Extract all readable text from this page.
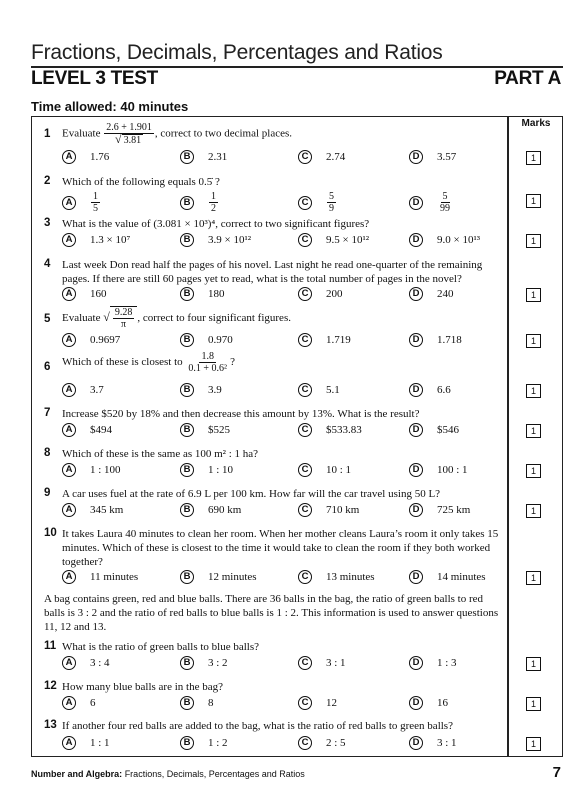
Fractions, Decimals, Percentages and Ratios
LEVEL 3 TEST	PART A
Time allowed: 40 minutes
Marks
1 Evaluate $\frac{2.6 + 1.901}{√ 3.81}$ , correct to two decimal places.
A	1.76	B	2.31	C	2.74	D	3.57	1
2 Which of the following equals 0.5̇ ?
A	$\frac{1}{5}$	B	$\frac{1}{2}$	C	$\frac{5}{9}$	D	$\frac{5}{99}$	1
3 What is the value of (3.081 × 10³)⁴, correct to two significant figures?
A	1.3 × 10⁷	B	3.9 × 10¹²	C	9.5 × 10¹²	D	9.0 × 10¹³	1
4 Last week Don read half the pages of his novel. Last night he read one-quarter of the remaining pages. If there are still 60 pages yet to read, what is the total number of pages in the novel?
A	160	B	180	C	200	D	240	1
5 Evaluate √ $\frac{9.28}{\pi}$ , correct to four significant figures.
A	0.9697	B	0.970	C	1.719	D	1.718	1
6 Which of these is closest to $\frac{1.8}{\text{0.1 + 0.6²}}$ ?
A	3.7	B	3.9	C	5.1	D	6.6	1
7 Increase $520 by 18% and then decrease this amount by 13%. What is the result?
A	$494	B	$525	C	$533.83	D	$546	1
8 Which of these is the same as 100 m² : 1 ha?
A	1 : 100	B	1 : 10	C	10 : 1	D	100 : 1	1
9 A car uses fuel at the rate of 6.9 L per 100 km. How far will the car travel using 50 L?
A	345 km	B	690 km	C	710 km	D	725 km	1
10 It takes Laura 40 minutes to clean her room. When her mother cleans Laura’s room it only takes 15 minutes. Which of these is closest to the time it would take to clean the room if they both worked together?
A	11 minutes	B	12 minutes	C	13 minutes	D	14 minutes	1
A bag contains green, red and blue balls. There are 36 balls in the bag, the ratio of green balls to red balls is 3 : 2 and the ratio of red balls to blue balls is 1 : 2. This information is used to answer questions 11, 12 and 13.
11 What is the ratio of green balls to blue balls?
A	3 : 4	B	3 : 2	C	3 : 1	D	1 : 3	1
12 How many blue balls are in the bag?
A	6	B	8	C	12	D	16	1
13 If another four red balls are added to the bag, what is the ratio of red balls to green balls?
A	1 : 1	B	1 : 2	C	2 : 5	D	3 : 1	1
Number and Algebra: Fractions, Decimals, Percentages and Ratios	7
